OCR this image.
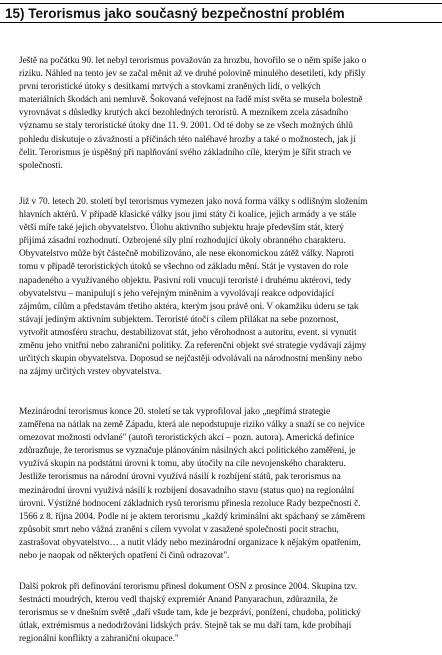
15) Terorismus jako současný bezpečnostní problém

Ještě na počátku 90. let nebyl terorismus považován za hrozbu, hovořilo se o něm spíše jako o
riziku. Náhled na tento jev se začal měnit až ve druhé polovině minulého desetiletí, kdy přišly
první teroristické útoky s desítkami mrtvých a stovkami zraněných lidí, o velkých
materiálních škodách ani nemluvě. Šokovaná veřejnost na řadě míst světa se musela bolestně
vyrovnávat s důsledky krutých akcí bezohledných teroristů. A mezníkem zcela zásadního
významu se staly teroristické útoky dne 11. 9. 2001. Od té doby se ze všech možných úhlů
pohledu diskutuje o závažnosti a příčinách této naléhavé hrozby a také o možnostech, jak jí
čelit. Terorismus je úspěšný při naplňování svého základního cíle, kterým je šířit strach ve
společnosti.

Již v 70. letech 20. století byl terorismus vymezen jako nová forma války s odlišným složením
hlavních aktérů. V případě klasické války jsou jimi státy či koalice, jejich armády a ve stále
větší míře také jejich obyvatelstvo. Úlohu aktivního subjektu hraje především stát, který
přijímá zásadní rozhodnutí. Ozbrojené síly plní rozhodující úkoly obranného charakteru.

Obyvatelstvo může být částečně mobilizováno, ale nese ekonomickou zátěž války. Naproti
tomu v případě teroristických útoků se všechno od základu mění. Stát je vystaven do role
napadeného a využívaného objektu. Pasivní roli vnucují teroristé i druhému aktérovi, tedy
obyvatelstvu – manipulují s jeho veřejným míněním a vyvolávají reakce odpovídající
zájmům, cílům a představám třetího aktéra, kterým jsou právě oni. V okamžiku úderu se tak
stávají jediným aktivním subjektem. Teroristé útočí s cílem přilákat na sebe pozornost,
vytvořit atmosféru strachu, destabilizovat stát, jeho věrohodnost a autoritu, event. si vynutit
změnu jeho vnitřní nebo zahraniční politiky. Za referenční objekt své strategie vydávají zájmy
určitých skupin obyvatelstva. Doposud se nejčastěji odvolávali na národnostní menšiny nebo
na zájmy určitých vrstev obyvatelstva.

Mezinárodní terorismus konce 20. století se tak vyprofiloval jako „nepřímá strategie
zaměřena na nátlak na země Západu, která ale nepodstupuje riziko války a snaží se co nejvíce
omezovat možnosti odvlané" (autoři teroristických akcí – pozn. autora). Americká definice
zdůrazňuje, že terorismus se vyznačuje plánováním násilných akcí politického zaměření, je
využívá skupin na podstátní úrovni k tomu, aby útočily na cíle nevojenského charakteru.

Jestliže terorismus na národní úrovni využívá násilí k rozbíjení států, pak terorismus na
mezinárodní úrovni využívá násilí k rozbíjení dosavadního stavu (status quo) na regionální
úrovni. Výstižné hodnocení základních rysů terorismu přinesla rezoluce Rady bezpečnosti č.
1566 z 8. října 2004. Podle ní je aktem terorismu „každý kriminální akt spáchaný se záměrem
způsobit smrt nebo vážná zranění s cílem vyvolat v zasažené společnosti pocit strachu,
zastrašovat obyvatelstvo… a nutit vlády nebo mezinárodní organizace k nějakým opatřením,
nebo je naopak od některých opatření či činů odrazovat".

Další pokrok při definování terorismu přinesl dokument OSN z prosince 2004. Skupina tzv.
šestnácti moudrých, kterou vedl thajský expremiér Anand Panyarachun, zdůraznila, že
terorismus se v dnešním světě „daří všude tam, kde je bezpráví, ponížení, chudoba, politický
útlak, extrémismus a nedodržování lidských práv. Stejně tak se mu daří tam, kde probíhají
regionální konflikty a zahraniční okupace."
